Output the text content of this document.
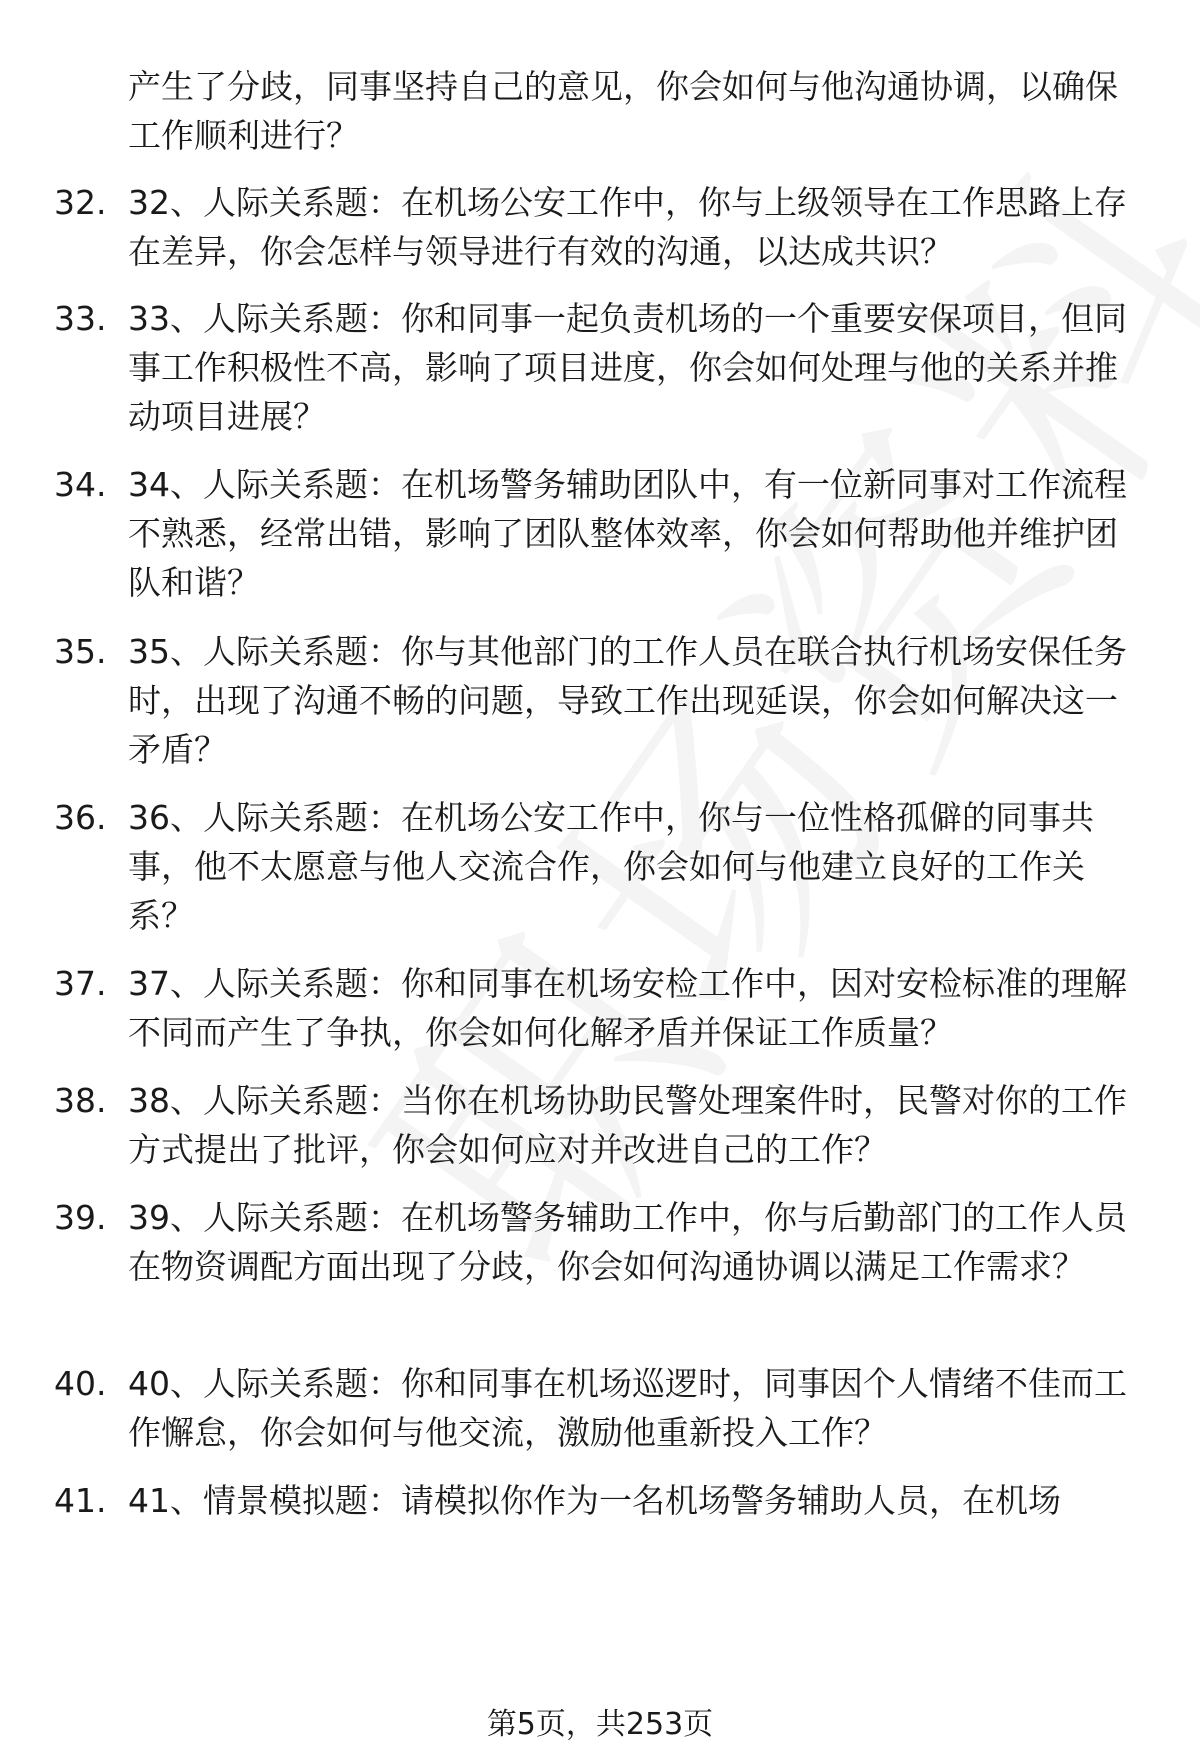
产生了分歧，同事坚持自己的意见，你会如何与他沟通协调，以确保工作顺利进行？

32. 32、人际关系题：在机场公安工作中，你与上级领导在工作思路上存在差异，你会怎样与领导进行有效的沟通，以达成共识？

33. 33、人际关系题：你和同事一起负责机场的一个重要安保项目，但同事工作积极性不高，影响了项目进度，你会如何处理与他的关系并推动项目进展？

34. 34、人际关系题：在机场警务辅助团队中，有一位新同事对工作流程不熟悉，经常出错，影响了团队整体效率，你会如何帮助他并维护团队和谐？

35. 35、人际关系题：你与其他部门的工作人员在联合执行机场安保任务时，出现了沟通不畅的问题，导致工作出现延误，你会如何解决这一矛盾？

36. 36、人际关系题：在机场公安工作中，你与一位性格孤僻的同事共事，他不太愿意与他人交流合作，你会如何与他建立良好的工作关系？

37. 37、人际关系题：你和同事在机场安检工作中，因对安检标准的理解不同而产生了争执，你会如何化解矛盾并保证工作质量？

38. 38、人际关系题：当你在机场协助民警处理案件时，民警对你的工作方式提出了批评，你会如何应对并改进自己的工作？

39. 39、人际关系题：在机场警务辅助工作中，你与后勤部门的工作人员在物资调配方面出现了分歧，你会如何沟通协调以满足工作需求？

40. 40、人际关系题：你和同事在机场巡逻时，同事因个人情绪不佳而工作懈怠，你会如何与他交流，激励他重新投入工作？

41. 41、情景模拟题：请模拟你作为一名机场警务辅助人员，在机场

第5页，共253页
